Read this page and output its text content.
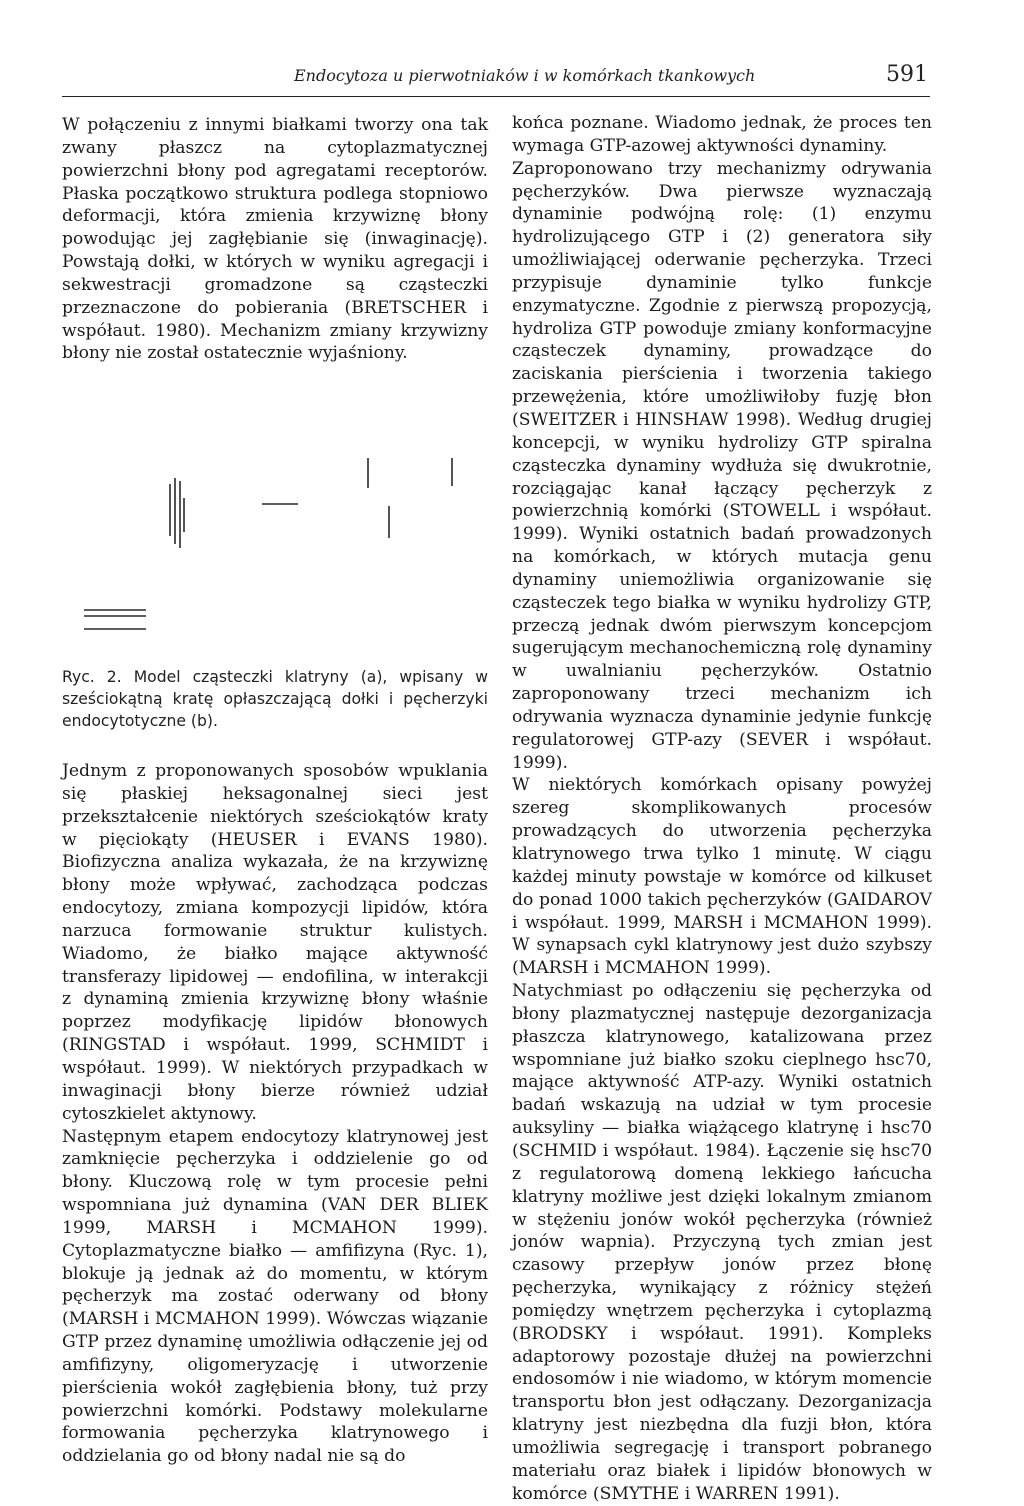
Endocytoza u pierwotniaków i w komórkach tkankowych	591

W połączeniu z innymi białkami tworzy ona tak zwany płaszcz na cytoplazmatycznej powierzchni błony pod agregatami receptorów. Płaska początkowo struktura podlega stopniowo deformacji, która zmienia krzywiznę błony powodując jej zagłębianie się (inwaginację). Powstają dołki, w których w wyniku agregacji i sekwestracji gromadzone są cząsteczki przeznaczone do pobierania (BRETSCHER i współaut. 1980). Mechanizm zmiany krzywizny błony nie został ostatecznie wyjaśniony.

Ryc. 2. Model cząsteczki klatryny (a), wpisany w sześciokątną kratę opłaszczającą dołki i pęcherzyki endocytotyczne (b).

Jednym z proponowanych sposobów wpuklania się płaskiej heksagonalnej sieci jest przekształcenie niektórych sześciokątów kraty w pięciokąty (HEUSER i EVANS 1980). Biofizyczna analiza wykazała, że na krzywiznę błony może wpływać, zachodząca podczas endocytozy, zmiana kompozycji lipidów, która narzuca formowanie struktur kulistych. Wiadomo, że białko mające aktywność transferazy lipidowej — endofilina, w interakcji z dynaminą zmienia krzywiznę błony właśnie poprzez modyfikację lipidów błonowych (RINGSTAD i współaut. 1999, SCHMIDT i współaut. 1999). W niektórych przypadkach w inwaginacji błony bierze również udział cytoszkielet aktynowy.

Następnym etapem endocytozy klatrynowej jest zamknięcie pęcherzyka i oddzielenie go od błony. Kluczową rolę w tym procesie pełni wspomniana już dynamina (VAN DER BLIEK 1999, MARSH i MCMAHON 1999). Cytoplazmatyczne białko — amfifizyna (Ryc. 1), blokuje ją jednak aż do momentu, w którym pęcherzyk ma zostać oderwany od błony (MARSH i MCMAHON 1999). Wówczas wiązanie GTP przez dynaminę umożliwia odłączenie jej od amfifizyny, oligomeryzację i utworzenie pierścienia wokół zagłębienia błony, tuż przy powierzchni komórki. Podstawy molekularne formowania pęcherzyka klatrynowego i oddzielania go od błony nadal nie są do

końca poznane. Wiadomo jednak, że proces ten wymaga GTP-azowej aktywności dynaminy.

Zaproponowano trzy mechanizmy odrywania pęcherzyków. Dwa pierwsze wyznaczają dynaminie podwójną rolę: (1) enzymu hydrolizującego GTP i (2) generatora siły umożliwiającej oderwanie pęcherzyka. Trzeci przypisuje dynaminie tylko funkcje enzymatyczne. Zgodnie z pierwszą propozycją, hydroliza GTP powoduje zmiany konformacyjne cząsteczek dynaminy, prowadzące do zaciskania pierścienia i tworzenia takiego przewężenia, które umożliwiłoby fuzję błon (SWEITZER i HINSHAW 1998). Według drugiej koncepcji, w wyniku hydrolizy GTP spiralna cząsteczka dynaminy wydłuża się dwukrotnie, rozciągając kanał łączący pęcherzyk z powierzchnią komórki (STOWELL i współaut. 1999). Wyniki ostatnich badań prowadzonych na komórkach, w których mutacja genu dynaminy uniemożliwia organizowanie się cząsteczek tego białka w wyniku hydrolizy GTP, przeczą jednak dwóm pierwszym koncepcjom sugerującym mechanochemiczną rolę dynaminy w uwalnianiu pęcherzyków. Ostatnio zaproponowany trzeci mechanizm ich odrywania wyznacza dynaminie jedynie funkcję regulatorowej GTP-azy (SEVER i współaut. 1999).

W niektórych komórkach opisany powyżej szereg skomplikowanych procesów prowadzących do utworzenia pęcherzyka klatrynowego trwa tylko 1 minutę. W ciągu każdej minuty powstaje w komórce od kilkuset do ponad 1000 takich pęcherzyków (GAIDAROV i współaut. 1999, MARSH i MCMAHON 1999). W synapsach cykl klatrynowy jest dużo szybszy (MARSH i MCMAHON 1999).

Natychmiast po odłączeniu się pęcherzyka od błony plazmatycznej następuje dezorganizacja płaszcza klatrynowego, katalizowana przez wspomniane już białko szoku cieplnego hsc70, mające aktywność ATP-azy. Wyniki ostatnich badań wskazują na udział w tym procesie auksyliny — białka wiążącego klatrynę i hsc70 (SCHMID i współaut. 1984). Łączenie się hsc70 z regulatorową domeną lekkiego łańcucha klatryny możliwe jest dzięki lokalnym zmianom w stężeniu jonów wokół pęcherzyka (również jonów wapnia). Przyczyną tych zmian jest czasowy przepływ jonów przez błonę pęcherzyka, wynikający z różnicy stężeń pomiędzy wnętrzem pęcherzyka i cytoplazmą (BRODSKY i współaut. 1991). Kompleks adaptorowy pozostaje dłużej na powierzchni endosomów i nie wiadomo, w którym momencie transportu błon jest odłączany. Dezorganizacja klatryny jest niezbędna dla fuzji błon, która umożliwia segregację i transport pobranego materiału oraz białek i lipidów błonowych w komórce (SMYTHE i WARREN 1991).
